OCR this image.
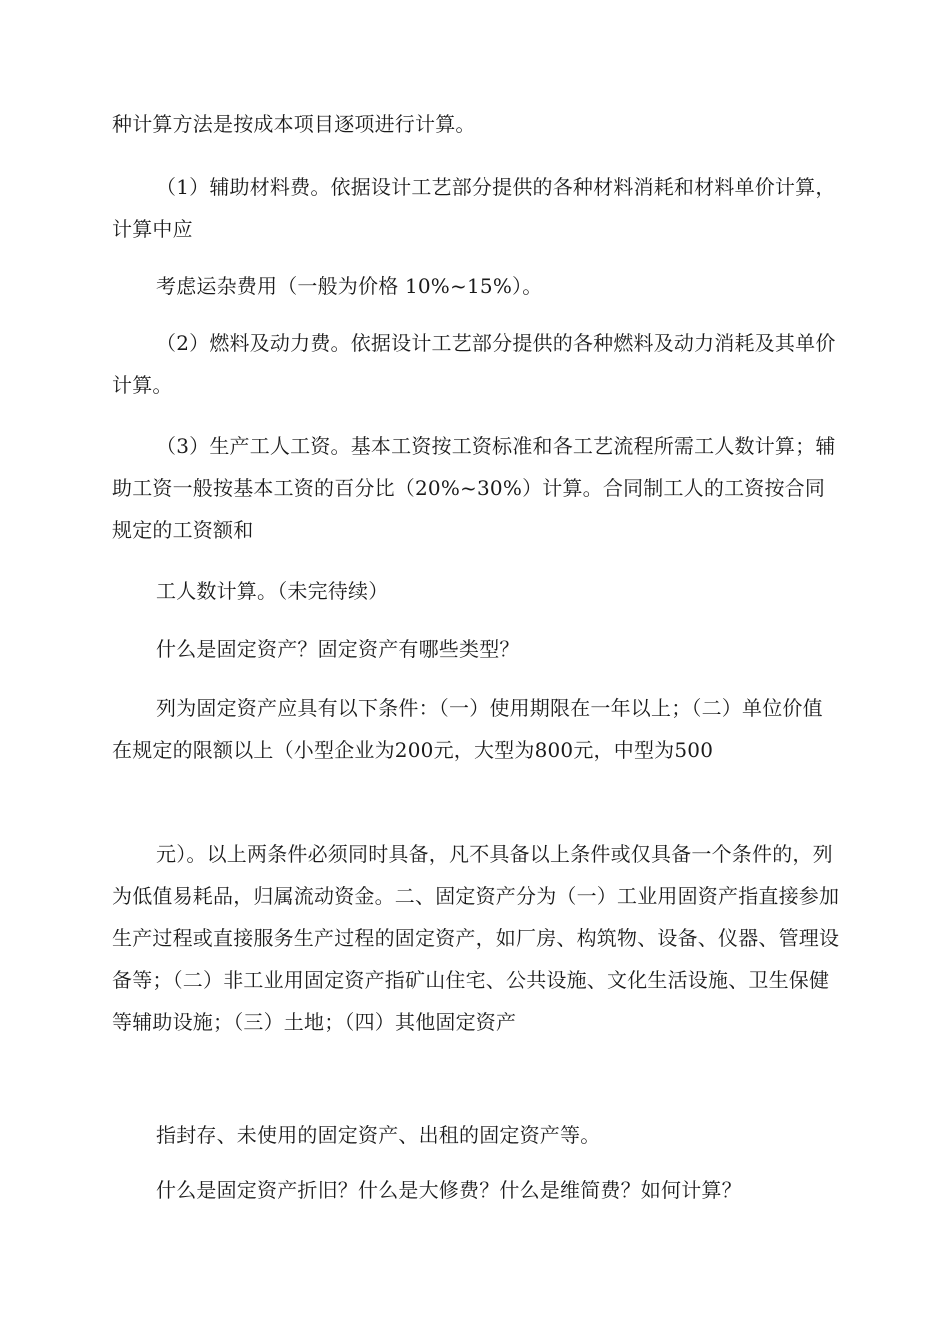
种计算方法是按成本项目逐项进行计算。

（1）辅助材料费。依据设计工艺部分提供的各种材料消耗和材料单价计算，计算中应

考虑运杂费用（一般为价格 10%~15%）。

（2）燃料及动力费。依据设计工艺部分提供的各种燃料及动力消耗及其单价计算。

（3）生产工人工资。基本工资按工资标准和各工艺流程所需工人数计算；辅助工资一般按基本工资的百分比（20%~30%）计算。合同制工人的工资按合同规定的工资额和

工人数计算。（未完待续）

什么是固定资产？固定资产有哪些类型？

列为固定资产应具有以下条件：（一）使用期限在一年以上；（二）单位价值在规定的限额以上（小型企业为200元，大型为800元，中型为500

元）。以上两条件必须同时具备，凡不具备以上条件或仅具备一个条件的，列为低值易耗品，归属流动资金。二、固定资产分为（一）工业用固资产指直接参加生产过程或直接服务生产过程的固定资产，如厂房、构筑物、设备、仪器、管理设备等；（二）非工业用固定资产指矿山住宅、公共设施、文化生活设施、卫生保健等辅助设施；（三）土地；（四）其他固定资产

指封存、未使用的固定资产、出租的固定资产等。

什么是固定资产折旧？什么是大修费？什么是维简费？如何计算？
